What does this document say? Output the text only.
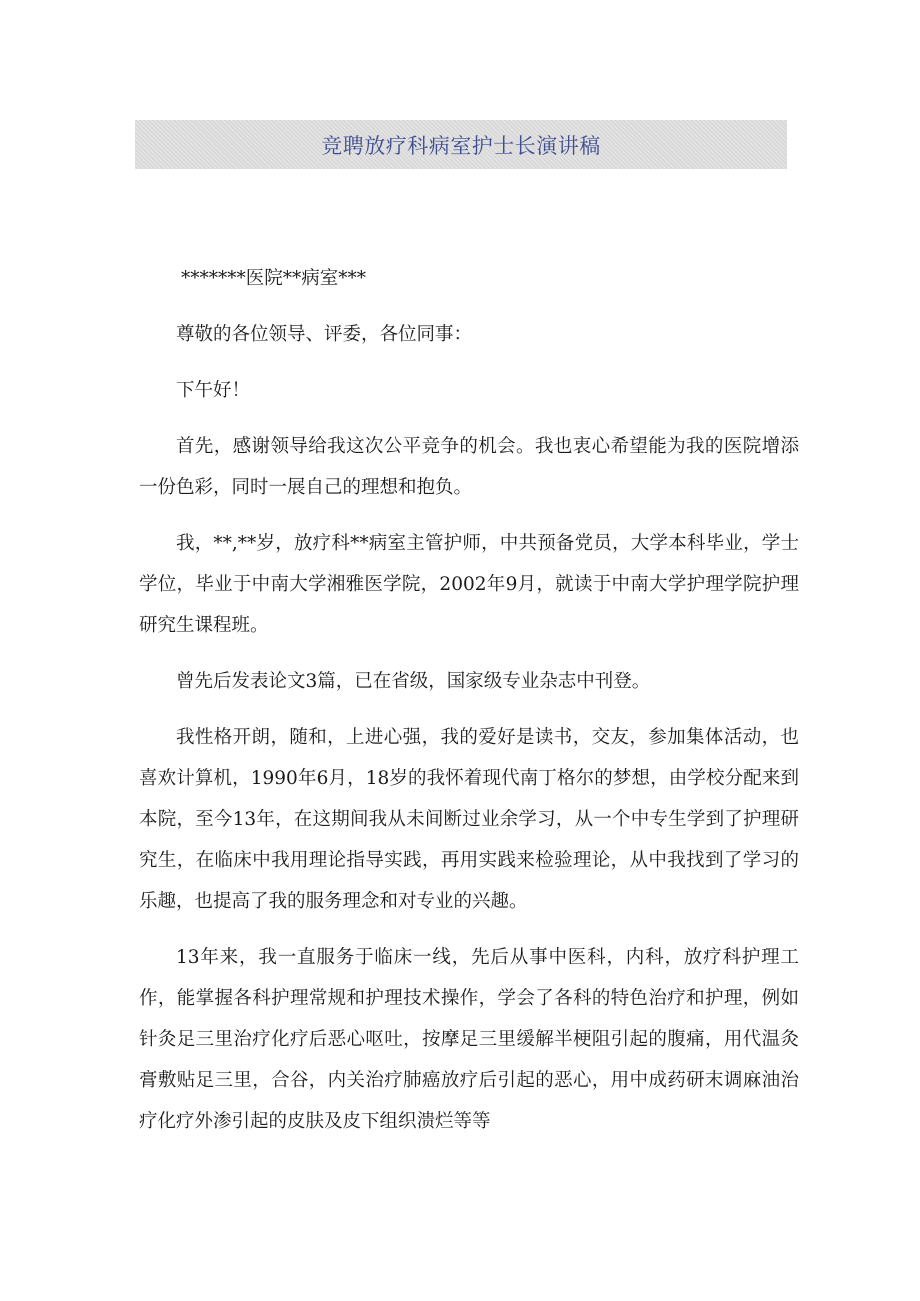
竞聘放疗科病室护士长演讲稿

*******医院**病室***

尊敬的各位领导、评委，各位同事：

下午好！

首先，感谢领导给我这次公平竞争的机会。我也衷心希望能为我的医院增添一份色彩，同时一展自己的理想和抱负。

我，**,**岁，放疗科**病室主管护师，中共预备党员，大学本科毕业，学士学位，毕业于中南大学湘雅医学院，2002年9月，就读于中南大学护理学院护理研究生课程班。

曾先后发表论文3篇，已在省级，国家级专业杂志中刊登。

我性格开朗，随和，上进心强，我的爱好是读书，交友，参加集体活动，也喜欢计算机，1990年6月，18岁的我怀着现代南丁格尔的梦想，由学校分配来到本院，至今13年，在这期间我从未间断过业余学习，从一个中专生学到了护理研究生，在临床中我用理论指导实践，再用实践来检验理论，从中我找到了学习的乐趣，也提高了我的服务理念和对专业的兴趣。

13年来，我一直服务于临床一线，先后从事中医科，内科，放疗科护理工作，能掌握各科护理常规和护理技术操作，学会了各科的特色治疗和护理，例如针灸足三里治疗化疗后恶心呕吐，按摩足三里缓解半梗阻引起的腹痛，用代温灸膏敷贴足三里，合谷，内关治疗肺癌放疗后引起的恶心，用中成药研末调麻油治疗化疗外渗引起的皮肤及皮下组织溃烂等等
